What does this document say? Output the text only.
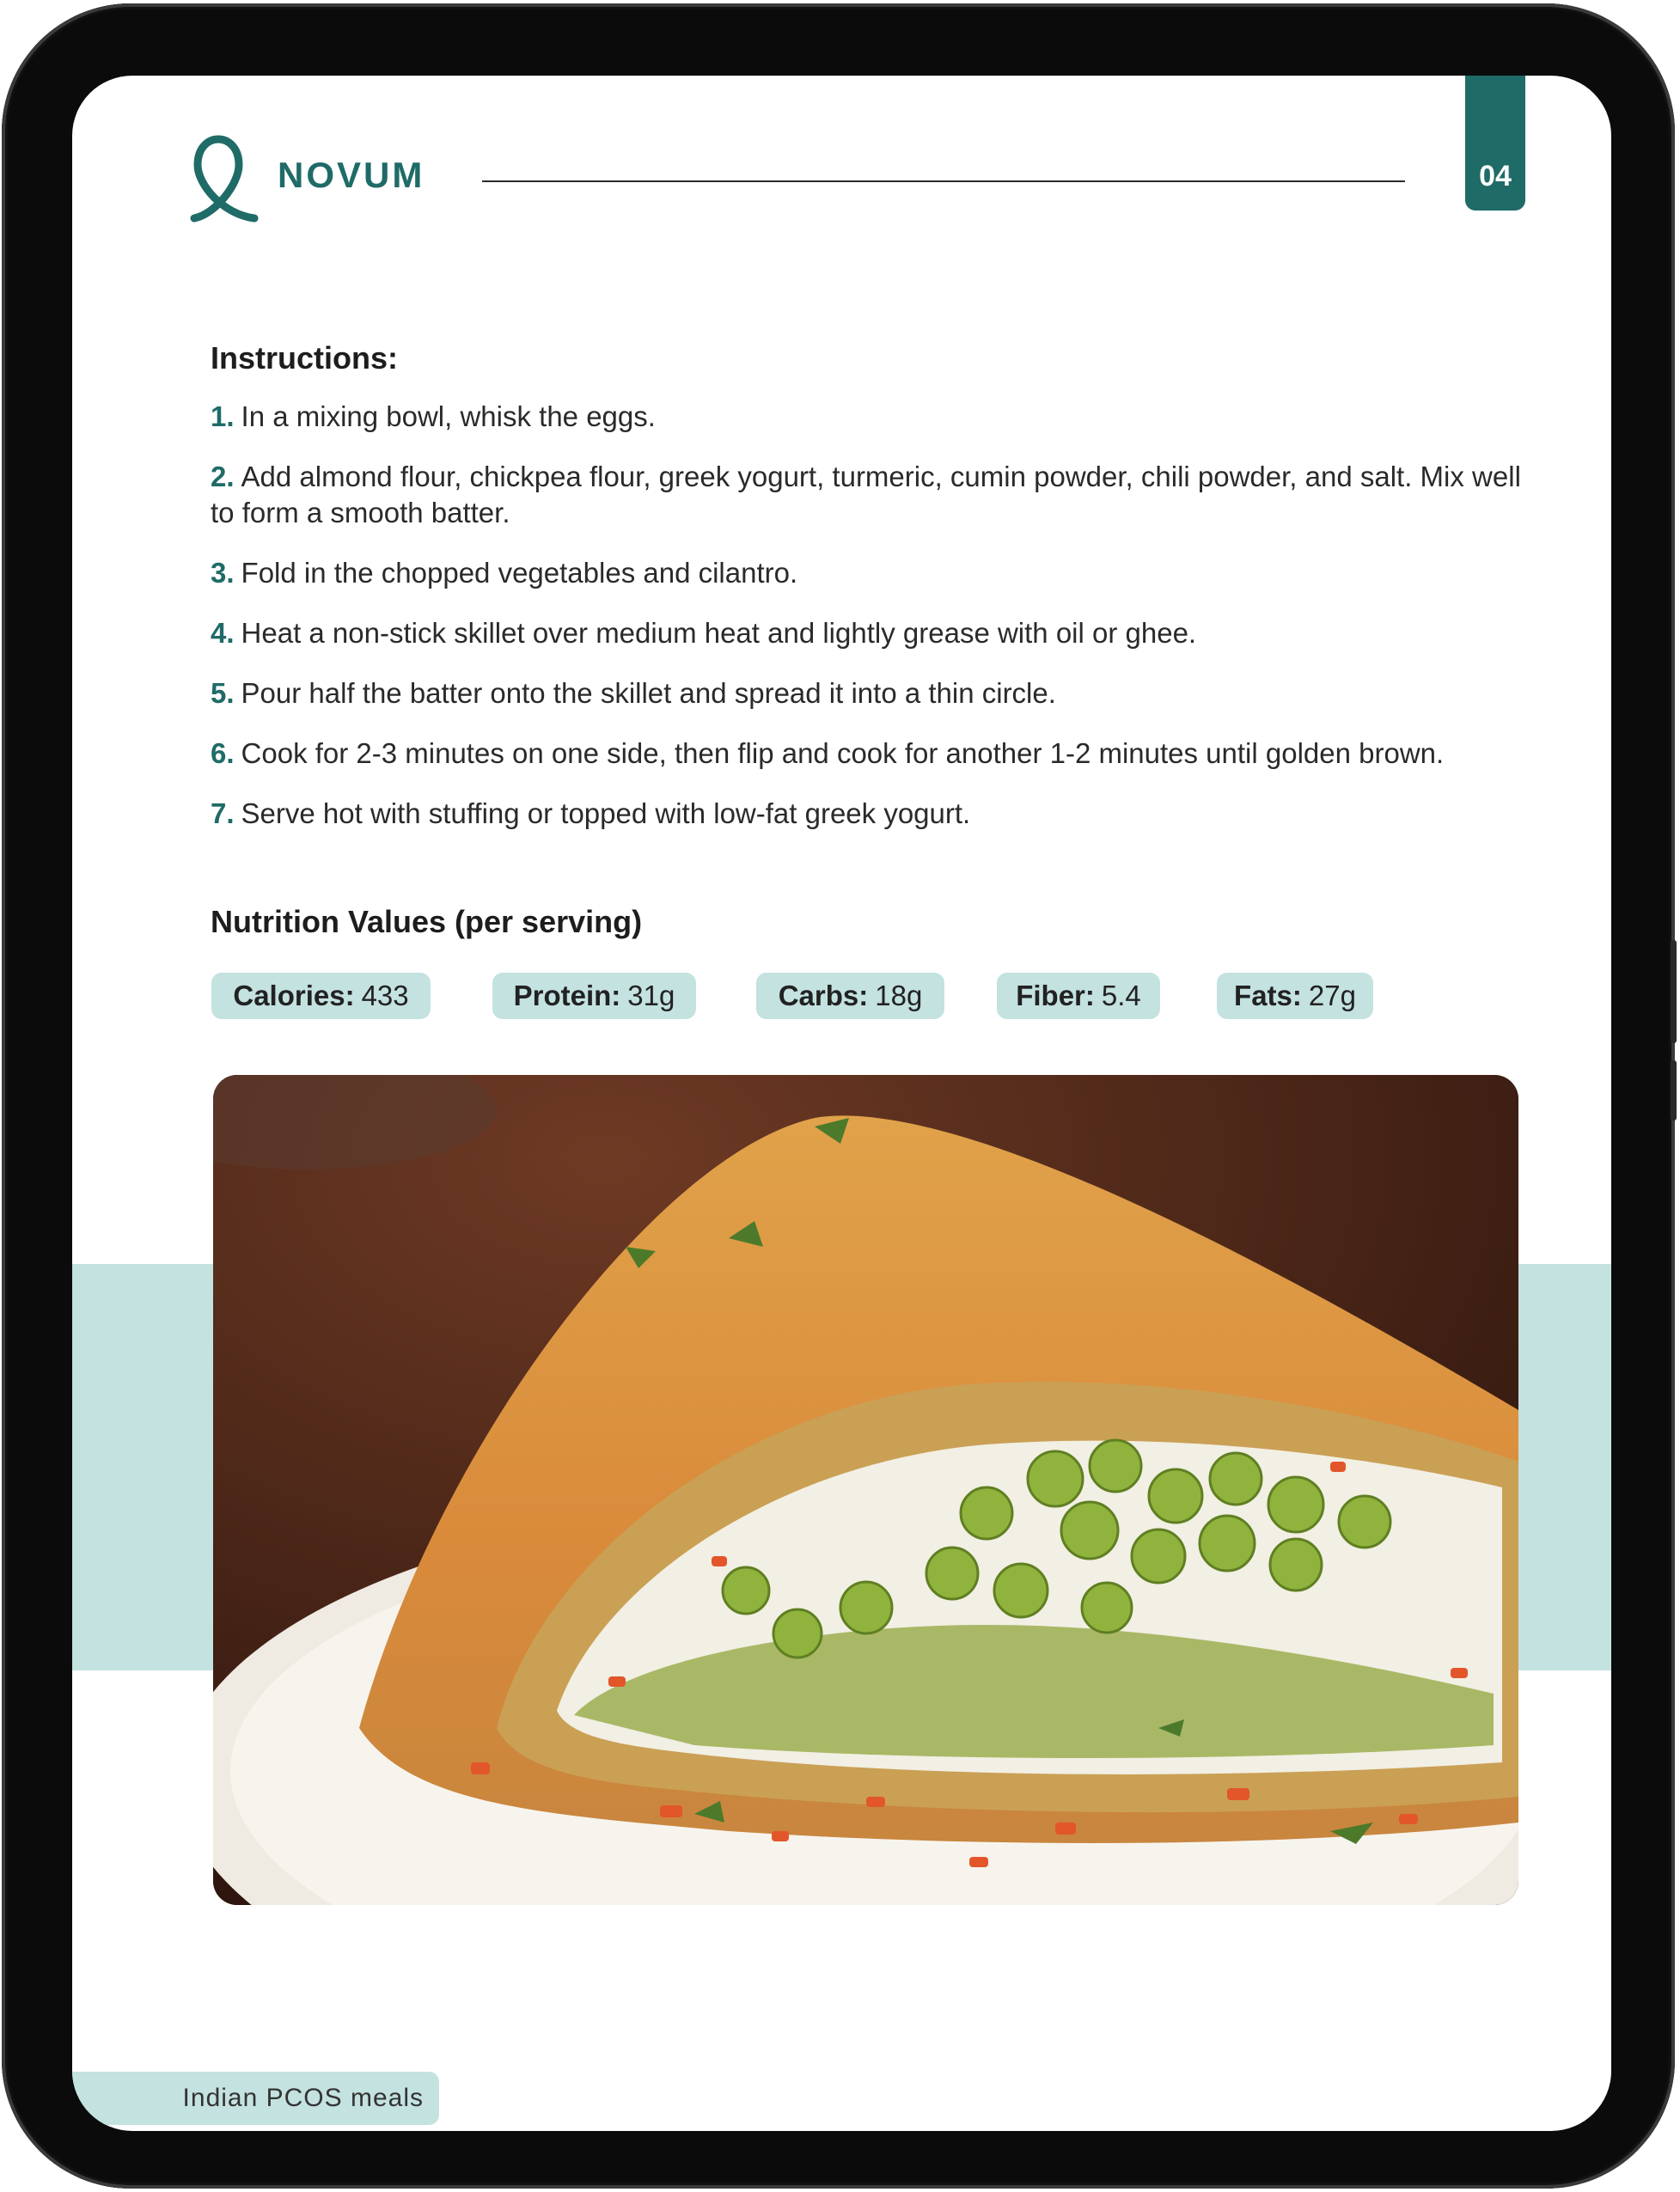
NOVUM	04
Instructions:
1. In a mixing bowl, whisk the eggs.
2. Add almond flour, chickpea flour, greek yogurt, turmeric, cumin powder, chili powder, and salt. Mix well to form a smooth batter.
3. Fold in the chopped vegetables and cilantro.
4. Heat a non-stick skillet over medium heat and lightly grease with oil or ghee.
5. Pour half the batter onto the skillet and spread it into a thin circle.
6. Cook for 2-3 minutes on one side, then flip and cook for another 1-2 minutes until golden brown.
7. Serve hot with stuffing or topped with low-fat greek yogurt.
Nutrition Values (per serving)
Calories: 433	Protein: 31g	Carbs: 18g	Fiber: 5.4	Fats: 27g
Indian PCOS meals
